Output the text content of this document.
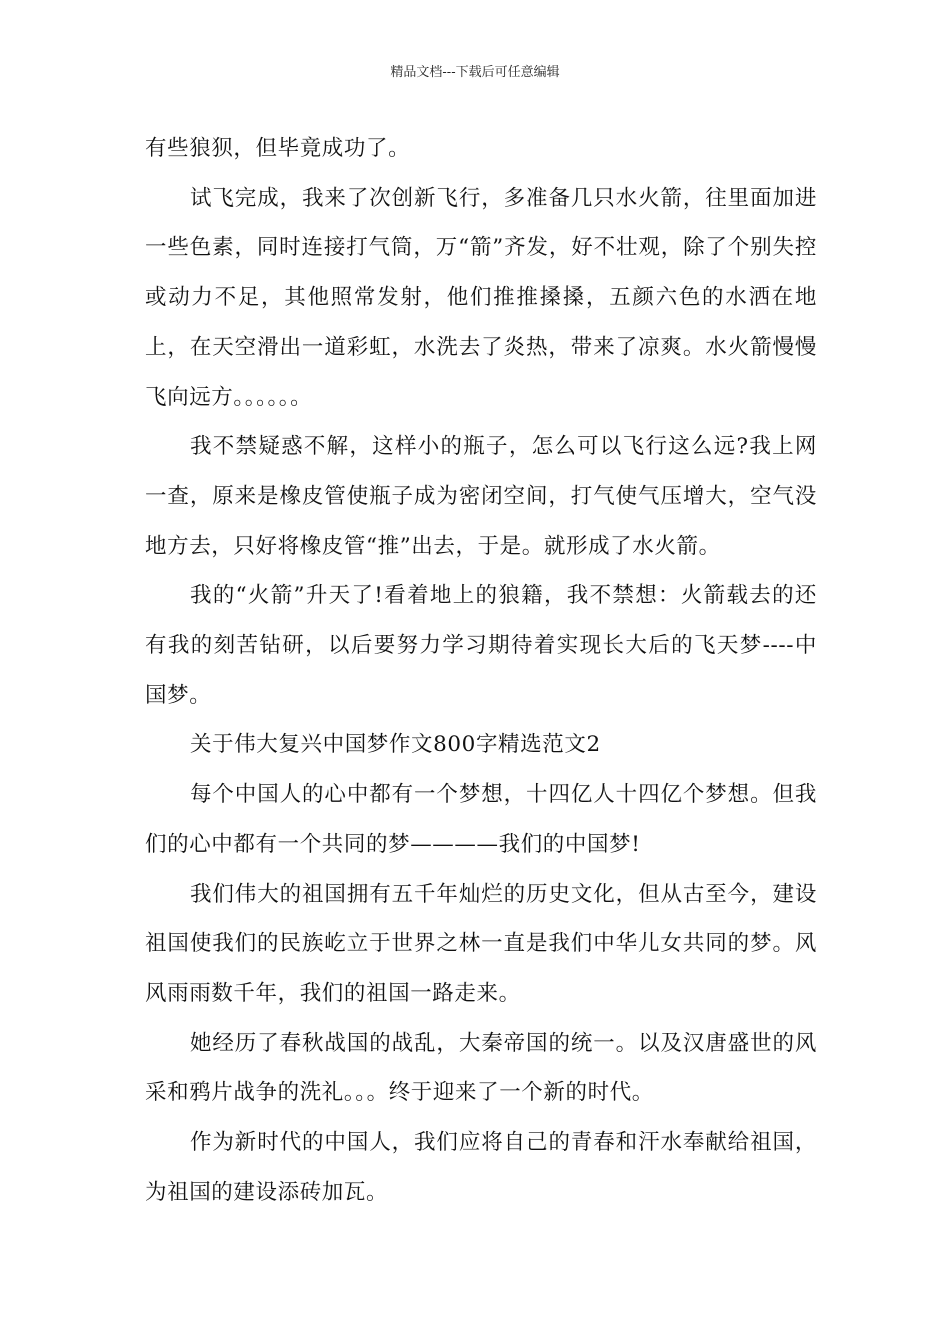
精品文档---下载后可任意编辑

有些狼狈，但毕竟成功了。

试飞完成，我来了次创新飞行，多准备几只水火箭，往里面加进一些色素，同时连接打气筒，万“箭”齐发，好不壮观，除了个别失控或动力不足，其他照常发射，他们推推搡搡，五颜六色的水洒在地上，在天空滑出一道彩虹，水洗去了炎热，带来了凉爽。水火箭慢慢飞向远方。。。。。。

我不禁疑惑不解，这样小的瓶子，怎么可以飞行这么远?我上网一查，原来是橡皮管使瓶子成为密闭空间，打气使气压增大，空气没地方去，只好将橡皮管“推”出去，于是。就形成了水火箭。

我的“火箭”升天了!看着地上的狼籍，我不禁想：火箭载去的还有我的刻苦钻研，以后要努力学习期待着实现长大后的飞天梦----中国梦。

关于伟大复兴中国梦作文800字精选范文2

每个中国人的心中都有一个梦想，十四亿人十四亿个梦想。但我们的心中都有一个共同的梦————我们的中国梦!

我们伟大的祖国拥有五千年灿烂的历史文化，但从古至今，建设祖国使我们的民族屹立于世界之林一直是我们中华儿女共同的梦。风风雨雨数千年，我们的祖国一路走来。

她经历了春秋战国的战乱，大秦帝国的统一。以及汉唐盛世的风采和鸦片战争的洗礼。。。终于迎来了一个新的时代。

作为新时代的中国人，我们应将自己的青春和汗水奉献给祖国，为祖国的建设添砖加瓦。
